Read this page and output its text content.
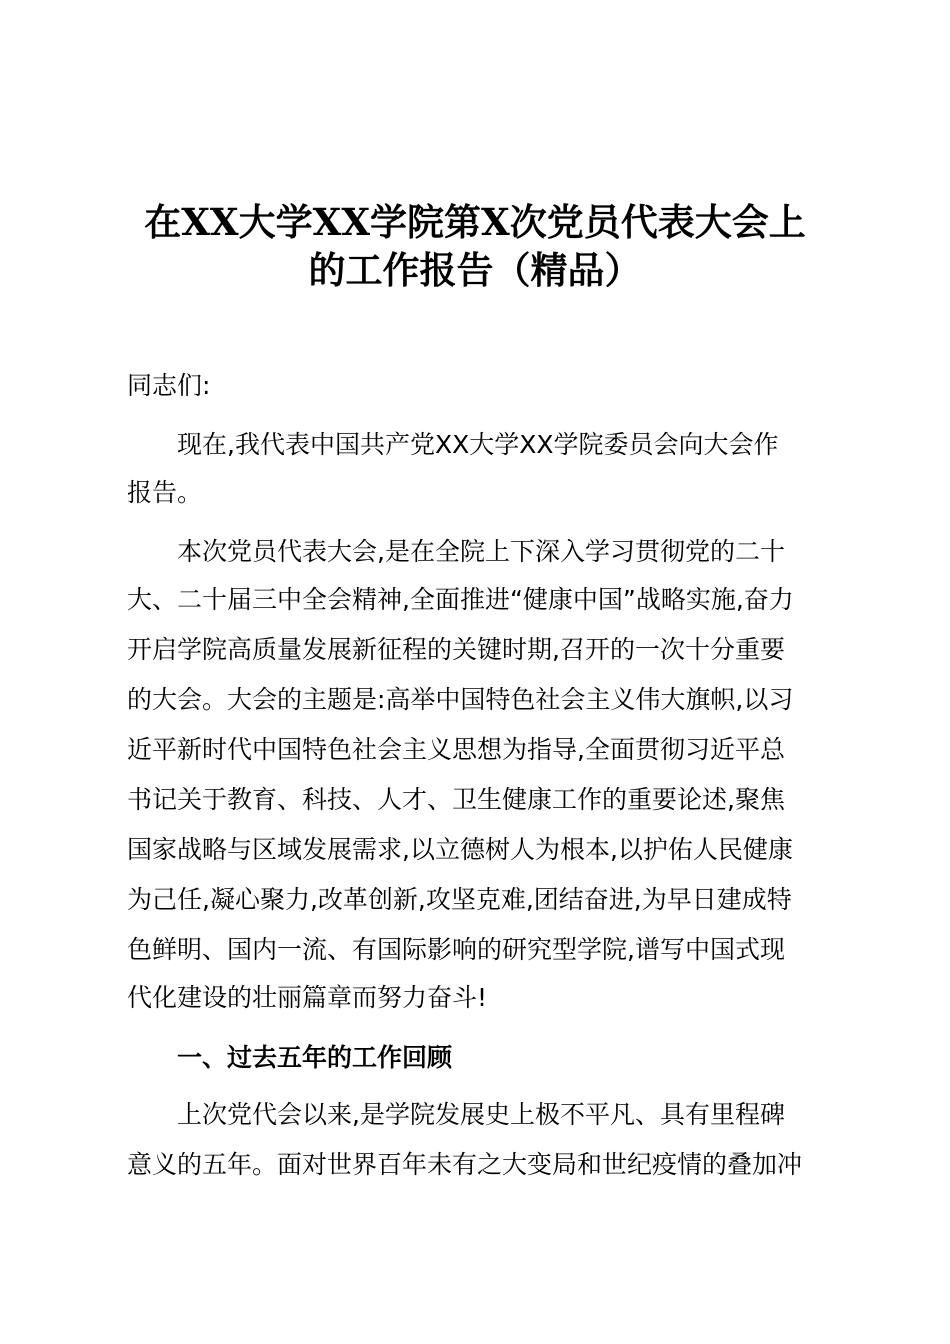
在XX大学XX学院第X次党员代表大会上
的工作报告（精品）
同志们:
现在,我代表中国共产党XX大学XX学院委员会向大会作
报告。
本次党员代表大会,是在全院上下深入学习贯彻党的二十
大、二十届三中全会精神,全面推进“健康中国”战略实施,奋力
开启学院高质量发展新征程的关键时期,召开的一次十分重要
的大会。大会的主题是:高举中国特色社会主义伟大旗帜,以习
近平新时代中国特色社会主义思想为指导,全面贯彻习近平总
书记关于教育、科技、人才、卫生健康工作的重要论述,聚焦
国家战略与区域发展需求,以立德树人为根本,以护佑人民健康
为己任,凝心聚力,改革创新,攻坚克难,团结奋进,为早日建成特
色鲜明、国内一流、有国际影响的研究型学院,谱写中国式现
代化建设的壮丽篇章而努力奋斗!
一、过去五年的工作回顾
上次党代会以来,是学院发展史上极不平凡、具有里程碑
意义的五年。面对世界百年未有之大变局和世纪疫情的叠加冲
